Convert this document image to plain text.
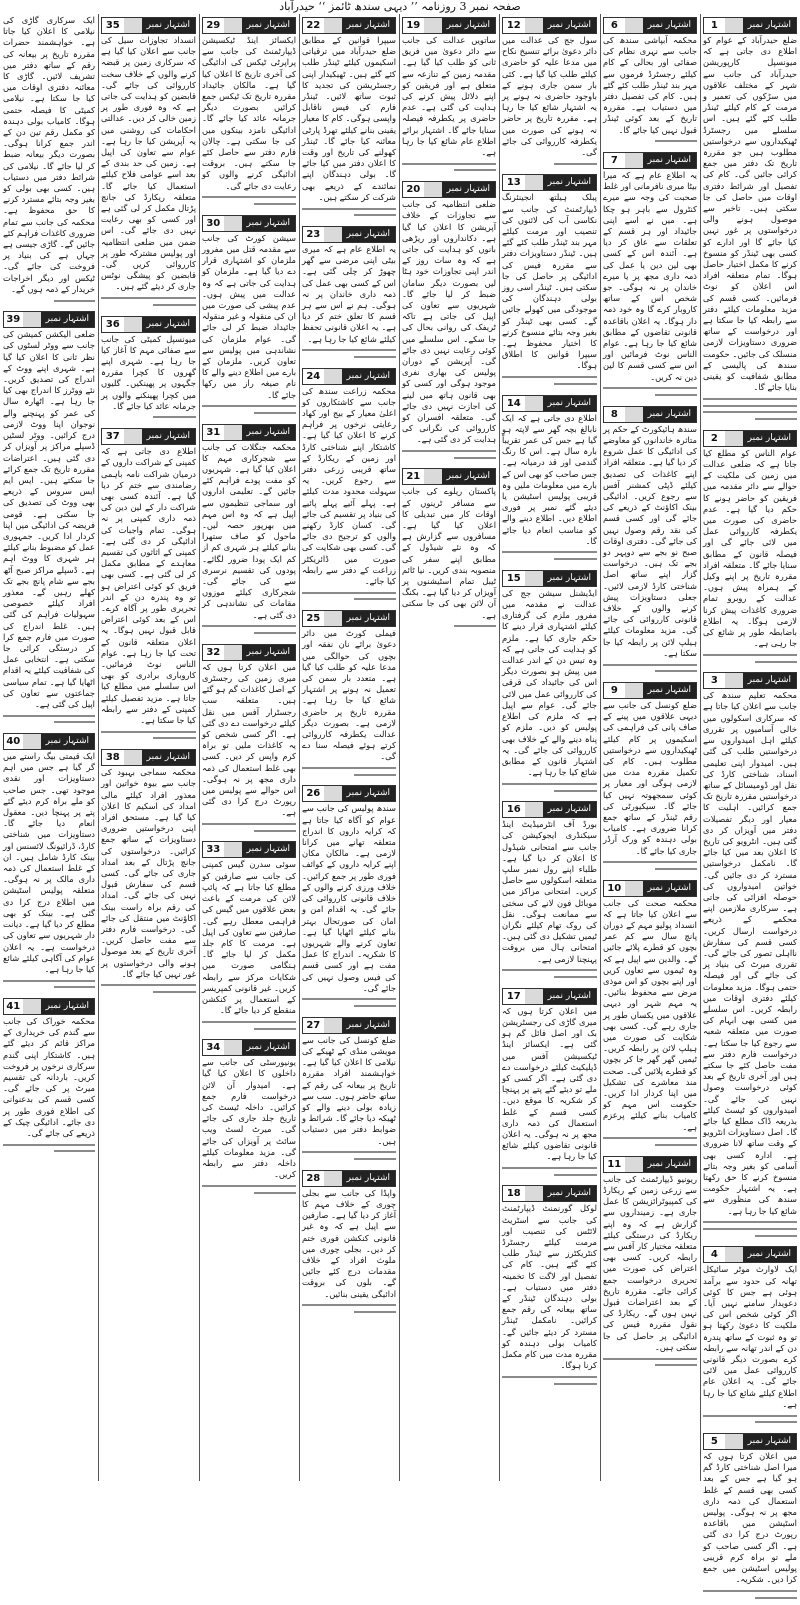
صفحہ نمبر 3 روزنامہ ’’ دیہی سندھ ٹائمز ‘‘ حیدرآباد
اشتہار نمبر
1

ضلع حیدرآباد کے عوام کو اطلاع دی جاتی ہے کہ میونسپل کارپوریشن حیدرآباد کی جانب سے شہر کے مختلف علاقوں میں سڑکوں کی تعمیر و مرمت کے کام کیلئے ٹینڈر طلب کئے گئے ہیں۔ اس سلسلے میں رجسٹرڈ ٹھیکیداروں سے درخواستیں مطلوب ہیں جو مقررہ تاریخ تک دفتر میں جمع کرائی جائیں گی۔ کام کی تفصیل اور شرائط دفتری اوقات میں حاصل کی جا سکتی ہیں۔ تاخیر سے موصول ہونے والی درخواستوں پر غور نہیں کیا جائے گا اور ادارے کو کسی بھی ٹینڈر کو منسوخ کرنے کا مکمل اختیار حاصل ہوگا۔ تمام متعلقہ افراد اس اعلان کو نوٹ فرمائیں۔ کسی قسم کی مزید معلومات کیلئے دفتر سے رابطہ کیا جا سکتا ہے اور درخواست کے ساتھ ضروری دستاویزات لازمی منسلک کی جائیں۔ حکومت سندھ کی پالیسی کے مطابق شفافیت کو یقینی بنایا جائے گا۔

اشتہار نمبر
2

عوام الناس کو مطلع کیا جاتا ہے کہ ضلعی عدالت میں زمین کی ملکیت کے حوالے سے دائر مقدمہ میں فریقین کو حاضر ہونے کا حکم دیا گیا ہے۔ عدم حاضری کی صورت میں یکطرفہ کارروائی عمل میں لائی جائے گی اور فیصلہ قانون کے مطابق سنایا جائے گا۔ متعلقہ افراد مقررہ تاریخ پر اپنے وکیل کے ہمراہ پیش ہوں۔ عدالت کے روبرو تمام ضروری کاغذات پیش کرنا لازمی ہوگا۔ یہ اطلاع باضابطہ طور پر شائع کی جا رہی ہے۔

اشتہار نمبر
3

محکمہ تعلیم سندھ کی جانب سے اعلان کیا جاتا ہے کہ سرکاری اسکولوں میں خالی آسامیوں پر تقرری کیلئے اہل امیدواروں سے درخواستیں طلب کی گئی ہیں۔ امیدوار اپنی تعلیمی اسناد، شناختی کارڈ کی نقل اور ڈومیسائل کے ساتھ درخواستیں مقررہ تاریخ تک جمع کرائیں۔ اہلیت کا معیار اور دیگر تفصیلات دفتر میں آویزاں کر دی گئی ہیں۔ انٹرویو کی تاریخ کا اعلان بعد میں کیا جائے گا۔ نامکمل درخواستیں مسترد کر دی جائیں گی۔ خواتین امیدواروں کی حوصلہ افزائی کی جاتی ہے۔ سرکاری ملازمین اپنے محکمے کے ذریعے درخواست ارسال کریں۔ کسی قسم کی سفارش نااہلی تصور کی جائے گی۔ تقرری میرٹ کی بنیاد پر کی جائے گی اور فیصلہ حتمی ہوگا۔ مزید معلومات کیلئے دفتری اوقات میں رابطہ کریں۔ اس سلسلے میں کسی بھی ابہام کی صورت میں متعلقہ شعبہ سے رجوع کیا جا سکتا ہے۔ درخواست فارم دفتر سے مفت حاصل کئے جا سکتے ہیں اور آخری تاریخ کے بعد کوئی درخواست وصول نہیں کی جائے گی۔ امیدواروں کو ٹیسٹ کیلئے بذریعہ ڈاک مطلع کیا جائے گا۔ اصل دستاویزات انٹرویو کے وقت ساتھ لانا ضروری ہے۔ ادارہ کسی بھی آسامی کو بغیر وجہ بتائے منسوخ کرنے کا حق رکھتا ہے۔ یہ اشتہار حکومت سندھ کی منظوری سے شائع کیا جا رہا ہے۔

اشتہار نمبر
4

ایک لاوارث موٹر سائیکل تھانہ کی حدود سے برآمد ہوئی ہے جس کا کوئی دعویدار سامنے نہیں آیا۔ اگر کوئی شخص اس کی ملکیت کا دعویٰ رکھتا ہو تو وہ ثبوت کے ساتھ پندرہ دن کے اندر تھانہ سے رابطہ کرے بصورت دیگر قانونی کارروائی عمل میں لائی جائے گی۔ یہ اعلان عام اطلاع کیلئے شائع کیا جا رہا ہے۔

اشتہار نمبر
5

میں اعلان کرتا ہوں کہ میرا اصل شناختی کارڈ گم ہو گیا ہے جس کے بعد کسی بھی قسم کے غلط استعمال کی ذمہ داری مجھ پر نہ ہوگی۔ پولیس اسٹیشن میں باقاعدہ رپورٹ درج کرا دی گئی ہے۔ اگر کسی صاحب کو ملے تو براہ کرم قریبی پولیس اسٹیشن میں جمع کرا دیں۔ شکریہ۔

اشتہار نمبر
6

محکمہ آبپاشی سندھ کی جانب سے نہری نظام کی صفائی اور بحالی کے کام کیلئے رجسٹرڈ فرموں سے مہر بند ٹینڈر طلب کئے گئے ہیں۔ کام کی تفصیل دفتر میں دستیاب ہے۔ مقررہ تاریخ کے بعد کوئی ٹینڈر قبول نہیں کیا جائے گا۔

اشتہار نمبر
7

یہ اطلاع عام ہے کہ میرا بیٹا میری نافرمانی اور غلط صحبت کی وجہ سے میرے کنٹرول سے باہر ہو چکا ہے۔ میں نے اسے اپنی جائیداد اور ہر قسم کے تعلقات سے عاق کر دیا ہے۔ آئندہ اس کے کسی بھی لین دین یا عمل کی ذمہ داری مجھ پر یا میرے خاندان پر نہ ہوگی۔ جو شخص اس کے ساتھ کاروبار کرے گا وہ خود ذمہ دار ہوگا۔ یہ اعلان باقاعدہ قانونی تقاضوں کے مطابق شائع کیا جا رہا ہے۔ عوام الناس نوٹ فرمائیں اور اس سے کسی قسم کا لین دین نہ کریں۔

اشتہار نمبر
8

سندھ ہائیکورٹ کے حکم پر متاثرہ خاندانوں کو معاوضے کی ادائیگی کا عمل شروع کر دیا گیا ہے۔ متعلقہ افراد اپنے کاغذات کی تصدیق کیلئے ڈپٹی کمشنر آفس سے رجوع کریں۔ ادائیگی بینک اکاؤنٹ کے ذریعے کی جائے گی اور کسی قسم کی نقد رقم وصول نہیں کی جائے گی۔ دفتری اوقات صبح نو بجے سے دوپہر دو بجے تک ہیں۔ درخواست گزار اپنے ساتھ اصل شناختی کارڈ لازمی لائیں۔ جعلی دستاویزات پیش کرنے والوں کے خلاف قانونی کارروائی کی جائے گی۔ مزید معلومات کیلئے ہیلپ لائن پر رابطہ کیا جا سکتا ہے۔

اشتہار نمبر
9

ضلع کونسل کی جانب سے دیہی علاقوں میں پینے کے صاف پانی کی فراہمی کی اسکیموں پر کام کیلئے ٹھیکیداروں سے درخواستیں مطلوب ہیں۔ کام کی تکمیل مقررہ مدت میں لازمی ہوگی اور معیار پر کوئی سمجھوتہ نہیں کیا جائے گا۔ سیکیورٹی کی رقم ٹینڈر کے ساتھ جمع کرانا ضروری ہے۔ کامیاب بولی دہندہ کو ورک آرڈر جاری کیا جائے گا۔

اشتہار نمبر
10

محکمہ صحت کی جانب سے اعلان کیا جاتا ہے کہ انسداد پولیو مہم کے دوران پانچ سال سے کم عمر بچوں کو قطرے پلائے جائیں گے۔ والدین سے اپیل ہے کہ وہ ٹیموں سے تعاون کریں اور اپنے بچوں کو اس موذی مرض سے محفوظ بنائیں۔ یہ مہم شہر اور دیہی علاقوں میں یکساں طور پر جاری رہے گی۔ کسی بھی شکایت کی صورت میں ہیلپ لائن پر رابطہ کریں۔ ٹیمیں گھر گھر جا کر بچوں کو قطرے پلائیں گی۔ صحت مند معاشرے کی تشکیل میں اپنا کردار ادا کریں۔ حکومت اس مہم کو کامیاب بنانے کیلئے پرعزم ہے۔

اشتہار نمبر
11

ریونیو ڈیپارٹمنٹ کی جانب سے زرعی زمین کے ریکارڈ کی کمپیوٹرائزیشن کا عمل جاری ہے۔ زمینداروں سے گزارش ہے کہ وہ اپنے ریکارڈ کی درستگی کیلئے متعلقہ مختیار کار آفس سے رابطہ کریں۔ کسی بھی اعتراض کی صورت میں تحریری درخواست جمع کرائی جائے۔ مقررہ تاریخ کے بعد اعتراضات قبول نہیں ہوں گے۔ ریکارڈ کی نقول مقررہ فیس کی ادائیگی پر حاصل کی جا سکتی ہیں۔

اشتہار نمبر
12

سول جج کی عدالت میں دائر دعویٰ برائے تنسیخ نکاح میں مدعا علیہ کو حاضری کیلئے طلب کیا گیا ہے۔ کئی بار سمن جاری ہونے کے باوجود حاضری نہ ہونے پر یہ اشتہار شائع کیا جا رہا ہے۔ مقررہ تاریخ پر حاضر نہ ہونے کی صورت میں یکطرفہ کارروائی کی جائے گی۔

اشتہار نمبر
13

پبلک ہیلتھ انجینئرنگ ڈیپارٹمنٹ کی جانب سے نکاسی آب کی لائنوں کی تنصیب اور مرمت کیلئے مہر بند ٹینڈر طلب کئے گئے ہیں۔ ٹینڈر دستاویزات دفتر سے مقررہ فیس کی ادائیگی پر حاصل کی جا سکتی ہیں۔ ٹینڈر اسی روز بولی دہندگان کی موجودگی میں کھولے جائیں گے۔ کسی بھی ٹینڈر کو بغیر وجہ بتائے منسوخ کرنے کا اختیار محفوظ ہے۔ سیپرا قوانین کا اطلاق ہوگا۔

اشتہار نمبر
14

اطلاع دی جاتی ہے کہ ایک نابالغ بچہ گھر سے لاپتہ ہو گیا ہے جس کی عمر تقریباً بارہ سال ہے۔ اس کا رنگ گندمی اور قد درمیانہ ہے۔ جس صاحب کو بھی اس کے بارے میں معلومات ملیں وہ قریبی پولیس اسٹیشن یا دیئے گئے نمبر پر فوری اطلاع دیں۔ اطلاع دینے والے کو مناسب انعام دیا جائے گا۔

اشتہار نمبر
15

ایڈیشنل سیشن جج کی عدالت نے مقدمہ میں مفرور ملزم کی گرفتاری کیلئے اشتہاری قرار دینے کا حکم جاری کیا ہے۔ ملزم کو ہدایت کی جاتی ہے کہ وہ تیس دن کے اندر عدالت میں پیش ہو بصورت دیگر اس کی جائیداد کی قرقی کی کارروائی عمل میں لائی جائے گی۔ عوام سے اپیل ہے کہ ملزم کی اطلاع پولیس کو دیں۔ ملزم کو پناہ دینے والے کے خلاف بھی کارروائی کی جائے گی۔ یہ اشتہار قانون کے مطابق شائع کیا جا رہا ہے۔

اشتہار نمبر
16

بورڈ آف انٹرمیڈیٹ اینڈ سیکنڈری ایجوکیشن کی جانب سے امتحانی شیڈول کا اعلان کر دیا گیا ہے۔ طلباء اپنے رول نمبر سلپ متعلقہ اسکولوں سے حاصل کریں۔ امتحانی مراکز میں موبائل فون لانے کی سختی سے ممانعت ہوگی۔ نقل کی روک تھام کیلئے نگران ٹیمیں تشکیل دی گئی ہیں۔ امتحانی ہال میں بروقت پہنچنا لازمی ہے۔

اشتہار نمبر
17

میں اعلان کرتا ہوں کہ میری گاڑی کی رجسٹریشن بک اور اصل فائل گم ہو گئی ہے۔ ایکسائز اینڈ ٹیکسیشن آفس میں ڈپلیکیٹ کیلئے درخواست دے دی گئی ہے۔ اگر کسی کو ملے تو دیئے گئے پتے پر پہنچا کر شکریہ کا موقع دیں۔ کسی قسم کے غلط استعمال کی ذمہ داری مجھ پر نہ ہوگی۔ یہ اعلان قانونی تقاضوں کیلئے شائع کیا جا رہا ہے۔

اشتہار نمبر
18

لوکل گورنمنٹ ڈیپارٹمنٹ کی جانب سے اسٹریٹ لائٹس کی تنصیب اور مرمت کیلئے رجسٹرڈ کنٹریکٹرز سے ٹینڈر طلب کئے گئے ہیں۔ کام کی تفصیل اور لاگت کا تخمینہ دفتر میں دستیاب ہے۔ بولی دہندگان ٹینڈر کے ساتھ بیعانہ کی رقم جمع کرائیں۔ نامکمل ٹینڈر مسترد کر دیئے جائیں گے۔ کامیاب بولی دہندہ کو مقررہ مدت میں کام مکمل کرنا ہوگا۔

اشتہار نمبر
19

ساتویں عدالت کی جانب سے دائر دعویٰ میں فریق ثانی کو طلب کیا گیا ہے۔ مقدمہ زمین کے تنازعہ سے متعلق ہے اور فریقین کو اپنے دلائل پیش کرنے کی ہدایت کی گئی ہے۔ عدم حاضری پر یکطرفہ فیصلہ سنایا جائے گا۔ اشتہار برائے اطلاع عام شائع کیا جا رہا ہے۔

اشتہار نمبر
20

ضلعی انتظامیہ کی جانب سے تجاوزات کے خلاف آپریشن کا اعلان کیا گیا ہے۔ دکانداروں اور ریڑھی بانوں کو ہدایت کی جاتی ہے کہ وہ سات روز کے اندر اپنی تجاوزات خود ہٹا لیں بصورت دیگر سامان ضبط کر لیا جائے گا۔ شہریوں سے تعاون کی اپیل کی جاتی ہے تاکہ ٹریفک کی روانی بحال کی جا سکے۔ اس سلسلے میں کوئی رعایت نہیں دی جائے گی۔ آپریشن کے دوران پولیس کی بھاری نفری موجود ہوگی اور کسی کو بھی قانون ہاتھ میں لینے کی اجازت نہیں دی جائے گی۔ متعلقہ افسران کو کارروائی کی نگرانی کی ہدایت کر دی گئی ہے۔

اشتہار نمبر
21

پاکستان ریلوے کی جانب سے مسافر ٹرینوں کے اوقات کار میں تبدیلی کا اعلان کیا گیا ہے۔ مسافروں سے گزارش ہے کہ وہ نئے شیڈول کے مطابق اپنے سفر کی منصوبہ بندی کریں۔ نیا ٹائم ٹیبل تمام اسٹیشنوں پر آویزاں کر دیا گیا ہے۔ بکنگ آن لائن بھی کی جا سکتی ہے۔

اشتہار نمبر
22

سیپرا قوانین کے مطابق ضلع حیدرآباد میں ترقیاتی اسکیموں کیلئے ٹینڈر طلب کئے گئے ہیں۔ ٹھیکیدار اپنی رجسٹریشن کی تجدید کا ثبوت ساتھ لائیں۔ ٹینڈر فارم کی فیس ناقابل واپسی ہوگی۔ کام کا معیار یقینی بنانے کیلئے تھرڈ پارٹی معائنہ کیا جائے گا۔ ٹینڈر کھولنے کی تاریخ اور وقت کا اعلان دفتر میں کیا جائے گا۔ بولی دہندگان اپنے نمائندے کے ذریعے بھی شرکت کر سکتے ہیں۔

اشتہار نمبر
23

یہ اطلاع عام ہے کہ میری بیٹی اپنی مرضی سے گھر چھوڑ کر چلی گئی ہے۔ اس کے کسی بھی عمل کی ذمہ داری خاندان پر نہ ہوگی۔ ہم نے اس سے ہر قسم کا تعلق ختم کر دیا ہے۔ یہ اعلان قانونی تحفظ کیلئے شائع کیا جا رہا ہے۔

اشتہار نمبر
24

محکمہ زراعت سندھ کی جانب سے کاشتکاروں کو اعلیٰ معیار کے بیج اور کھاد رعایتی نرخوں پر فراہم کرنے کا اعلان کیا گیا ہے۔ کاشتکار اپنے شناختی کارڈ اور زمین کے ریکارڈ کے ساتھ قریبی زرعی دفتر سے رجوع کریں۔ یہ سہولت محدود مدت کیلئے ہے۔ پہلے آئیے پہلے پائیے کی بنیاد پر تقسیم کی جائے گی۔ کسان کارڈ رکھنے والوں کو ترجیح دی جائے گی۔ کسی بھی شکایت کی صورت میں ڈائریکٹر زراعت کے دفتر سے رابطہ کیا جائے۔

اشتہار نمبر
25

فیملی کورٹ میں دائر دعویٰ برائے نان نفقہ اور بچوں کی حوالگی میں مدعا علیہ کو طلب کیا گیا ہے۔ متعدد بار سمن کی تعمیل نہ ہونے پر اشتہار شائع کیا جا رہا ہے۔ مقررہ تاریخ پر حاضری لازمی ہے۔ بصورت دیگر عدالت یکطرفہ کارروائی کرتے ہوئے فیصلہ سنا دے گی۔

اشتہار نمبر
26

سندھ پولیس کی جانب سے عوام کو آگاہ کیا جاتا ہے کہ کرایہ داروں کا اندراج متعلقہ تھانے میں کرانا لازمی ہے۔ مالکان مکان اپنے کرایہ داروں کے کوائف فوری طور پر جمع کرائیں۔ خلاف ورزی کرنے والوں کے خلاف قانونی کارروائی کی جائے گی۔ یہ اقدام امن و امان کی صورتحال بہتر بنانے کیلئے اٹھایا گیا ہے۔ تعاون کرنے والے شہریوں کا شکریہ۔ اندراج کا عمل مفت ہے اور کسی قسم کی فیس وصول نہیں کی جائے گی۔

اشتہار نمبر
27

ضلع کونسل کی جانب سے مویشی منڈی کے ٹھیکے کی نیلامی کا اعلان کیا گیا ہے۔ خواہشمند افراد مقررہ تاریخ پر بیعانہ کی رقم کے ساتھ حاضر ہوں۔ سب سے زیادہ بولی دینے والے کو ٹھیکہ دیا جائے گا۔ شرائط و ضوابط دفتر میں دستیاب ہیں۔

اشتہار نمبر
28

واپڈا کی جانب سے بجلی چوری کے خلاف مہم کا آغاز کر دیا گیا ہے۔ صارفین سے اپیل ہے کہ وہ غیر قانونی کنکشن فوری ختم کر دیں۔ بجلی چوری میں ملوث افراد کے خلاف مقدمات درج کئے جائیں گے۔ بلوں کی بروقت ادائیگی یقینی بنائیں۔

اشتہار نمبر
29

ایکسائز اینڈ ٹیکسیشن ڈیپارٹمنٹ کی جانب سے پراپرٹی ٹیکس کی ادائیگی کی آخری تاریخ کا اعلان کیا گیا ہے۔ مالکان جائیداد مقررہ تاریخ تک ٹیکس جمع کرائیں بصورت دیگر جرمانہ عائد کیا جائے گا۔ ادائیگی نامزد بینکوں میں کی جا سکتی ہے۔ چالان فارم دفتر سے حاصل کئے جا سکتے ہیں۔ بروقت ادائیگی کرنے والوں کو رعایت دی جائے گی۔

اشتہار نمبر
30

سیشن کورٹ کی جانب سے مقدمہ قتل میں مفرور ملزمان کو اشتہاری قرار دے دیا گیا ہے۔ ملزمان کو ہدایت کی جاتی ہے کہ وہ عدالت میں پیش ہوں۔ عدم پیشی کی صورت میں ان کی منقولہ و غیر منقولہ جائیداد ضبط کر لی جائے گی۔ عوام ملزمان کی نشاندہی میں پولیس سے تعاون کریں۔ ملزمان کے بارے میں اطلاع دینے والے کا نام صیغہ راز میں رکھا جائے گا۔

اشتہار نمبر
31

محکمہ جنگلات کی جانب سے شجرکاری مہم کا اعلان کیا گیا ہے۔ شہریوں کو مفت پودے فراہم کئے جائیں گے۔ تعلیمی اداروں اور سماجی تنظیموں سے اپیل ہے کہ وہ اس مہم میں بھرپور حصہ لیں۔ ماحول کو صاف ستھرا بنانے کیلئے ہر شہری کم از کم ایک پودا ضرور لگائے۔ پودوں کی تقسیم نرسری سے کی جائے گی۔ شجرکاری کیلئے موزوں مقامات کی نشاندہی کر دی گئی ہے۔

اشتہار نمبر
32

میں اعلان کرتا ہوں کہ میری زمین کی رجسٹری کے اصل کاغذات گم ہو گئے ہیں۔ متعلقہ سب رجسٹرار آفس میں نقل کیلئے درخواست دے دی گئی ہے۔ اگر کسی شخص کو یہ کاغذات ملیں تو براہ کرم واپس کر دیں۔ کسی بھی غلط استعمال کی ذمہ داری مجھ پر نہ ہوگی۔ اس حوالے سے پولیس میں رپورٹ درج کرا دی گئی ہے۔

اشتہار نمبر
33

سوئی سدرن گیس کمپنی کی جانب سے صارفین کو مطلع کیا جاتا ہے کہ پائپ لائن کی مرمت کے باعث بعض علاقوں میں گیس کی فراہمی معطل رہے گی۔ صارفین سے تعاون کی اپیل ہے۔ مرمت کا کام جلد مکمل کر لیا جائے گا۔ ہنگامی صورت میں شکایات مرکز سے رابطہ کریں۔ غیر قانونی کمپریسر کے استعمال پر کنکشن منقطع کر دیا جائے گا۔

اشتہار نمبر
34

یونیورسٹی کی جانب سے داخلوں کا اعلان کیا گیا ہے۔ امیدوار آن لائن درخواست فارم جمع کرائیں۔ داخلہ ٹیسٹ کی تاریخ جلد جاری کی جائے گی۔ میرٹ لسٹ ویب سائٹ پر آویزاں کی جائے گی۔ مزید معلومات کیلئے داخلہ دفتر سے رابطہ کریں۔

اشتہار نمبر
35

انسداد تجاوزات سیل کی جانب سے اعلان کیا گیا ہے کہ سرکاری زمین پر قبضہ کرنے والوں کے خلاف سخت کارروائی کی جائے گی۔ قابضین کو ہدایت کی جاتی ہے کہ وہ فوری طور پر زمین خالی کر دیں۔ عدالتی احکامات کی روشنی میں یہ آپریشن کیا جا رہا ہے۔ عوام سے تعاون کی اپیل ہے۔ زمین کی حد بندی کے بعد اسے عوامی فلاح کیلئے استعمال کیا جائے گا۔ متعلقہ ریکارڈ کی جانچ پڑتال مکمل کر لی گئی ہے اور کسی کو بھی رعایت نہیں دی جائے گی۔ اس ضمن میں ضلعی انتظامیہ اور پولیس مشترکہ طور پر کارروائی کریں گی۔ قابضین کو پیشگی نوٹس جاری کر دیئے گئے ہیں۔

اشتہار نمبر
36

میونسپل کمیٹی کی جانب سے صفائی مہم کا آغاز کیا جا رہا ہے۔ شہری اپنے گھروں کا کچرا مقررہ جگہوں پر پھینکیں۔ گلیوں میں کچرا پھینکنے والوں پر جرمانہ عائد کیا جائے گا۔

اشتہار نمبر
37

اطلاع دی جاتی ہے کہ کمپنی کے شراکت داروں کے درمیان شراکت نامہ باہمی رضامندی سے ختم کر دیا گیا ہے۔ آئندہ کسی بھی شراکت دار کے لین دین کی ذمہ داری کمپنی پر نہ ہوگی۔ تمام واجبات کی ادائیگی کر دی گئی ہے۔ کمپنی کے اثاثوں کی تقسیم معاہدے کے مطابق مکمل کر لی گئی ہے۔ کسی بھی فریق کو کوئی اعتراض ہو تو وہ پندرہ دن کے اندر تحریری طور پر آگاہ کرے۔ اس کے بعد کوئی اعتراض قابل قبول نہیں ہوگا۔ یہ اعلان متعلقہ قانون کے تحت کیا جا رہا ہے۔ عوام الناس نوٹ فرمائیں۔ کاروباری برادری کو بھی اس سلسلے میں مطلع کیا جاتا ہے۔ مزید تفصیل کیلئے کمپنی کے دفتر سے رابطہ کیا جا سکتا ہے۔

اشتہار نمبر
38

محکمہ سماجی بہبود کی جانب سے بیوہ خواتین اور معذور افراد کیلئے مالی امداد کی اسکیم کا اعلان کیا گیا ہے۔ مستحق افراد اپنی درخواستیں ضروری دستاویزات کے ساتھ جمع کرائیں۔ درخواستوں کی جانچ پڑتال کے بعد امداد جاری کی جائے گی۔ کسی قسم کی سفارش قبول نہیں کی جائے گی۔ امداد کی رقم براہ راست بینک اکاؤنٹ میں منتقل کی جائے گی۔ درخواست فارم دفتر سے مفت حاصل کریں۔ آخری تاریخ کے بعد موصول ہونے والی درخواستوں پر غور نہیں کیا جائے گا۔

ایک سرکاری گاڑی کی نیلامی کا اعلان کیا جاتا ہے۔ خواہشمند حضرات مقررہ تاریخ پر بیعانہ کی رقم کے ساتھ دفتر میں تشریف لائیں۔ گاڑی کا معائنہ دفتری اوقات میں کیا جا سکتا ہے۔ نیلامی کمیٹی کا فیصلہ حتمی ہوگا۔ کامیاب بولی دہندہ کو مکمل رقم تین دن کے اندر جمع کرانا ہوگی۔ بصورت دیگر بیعانہ ضبط کر لیا جائے گا۔ نیلامی کی شرائط دفتر میں دستیاب ہیں۔ کسی بھی بولی کو بغیر وجہ بتائے مسترد کرنے کا حق محفوظ ہے۔ محکمہ کی جانب سے تمام ضروری کاغذات فراہم کئے جائیں گے۔ گاڑی جیسی ہے جہاں ہے کی بنیاد پر فروخت کی جائے گی۔ ٹیکس اور دیگر اخراجات خریدار کے ذمہ ہوں گے۔

اشتہار نمبر
39

ضلعی الیکشن کمیشن کی جانب سے ووٹر لسٹوں کی نظر ثانی کا اعلان کیا گیا ہے۔ شہری اپنے ووٹ کے اندراج کی تصدیق کریں۔ نئے ووٹرز کا اندراج بھی کیا جا رہا ہے۔ اٹھارہ سال کی عمر کو پہنچنے والے نوجوان اپنا ووٹ لازمی درج کرائیں۔ ووٹر لسٹیں ڈسپلے مراکز پر آویزاں کر دی گئی ہیں۔ اعتراضات مقررہ تاریخ تک جمع کرائے جا سکتے ہیں۔ ایس ایم ایس سروس کے ذریعے بھی ووٹ کی تصدیق کی جا سکتی ہے۔ قومی فریضہ کی ادائیگی میں اپنا کردار ادا کریں۔ جمہوری عمل کو مضبوط بنانے کیلئے ہر شہری کا ووٹ اہم ہے۔ ڈسپلے مراکز صبح آٹھ بجے سے شام پانچ بجے تک کھلے رہیں گے۔ معذور افراد کیلئے خصوصی سہولیات فراہم کی گئی ہیں۔ غلط اندراج کی صورت میں فارم جمع کرا کر درستگی کرائی جا سکتی ہے۔ انتخابی عمل کی شفافیت کیلئے یہ اقدام اٹھایا گیا ہے۔ تمام سیاسی جماعتوں سے تعاون کی اپیل کی گئی ہے۔

اشتہار نمبر
40

ایک قیمتی بیگ راستے میں گر گیا ہے جس میں اہم دستاویزات اور نقدی موجود تھی۔ جس صاحب کو ملے براہ کرم دیئے گئے پتے پر پہنچا دیں۔ معقول انعام دیا جائے گا۔ دستاویزات میں شناختی کارڈ، ڈرائیونگ لائسنس اور بینک کارڈ شامل ہیں۔ ان کے غلط استعمال کی ذمہ داری مالک پر نہ ہوگی۔ متعلقہ پولیس اسٹیشن میں اطلاع درج کرا دی گئی ہے۔ بینک کو بھی مطلع کر دیا گیا ہے۔ دیانت دار شہریوں سے تعاون کی درخواست ہے۔ یہ اعلان عوام کی آگاہی کیلئے شائع کیا جا رہا ہے۔

اشتہار نمبر
41

محکمہ خوراک کی جانب سے گندم کی خریداری کے مراکز قائم کر دیئے گئے ہیں۔ کاشتکار اپنی گندم سرکاری نرخوں پر فروخت کریں۔ باردانہ کی تقسیم میرٹ پر کی جائے گی۔ کسی قسم کی بدعنوانی کی اطلاع فوری طور پر دی جائے۔ ادائیگی چیک کے ذریعے کی جائے گی۔
